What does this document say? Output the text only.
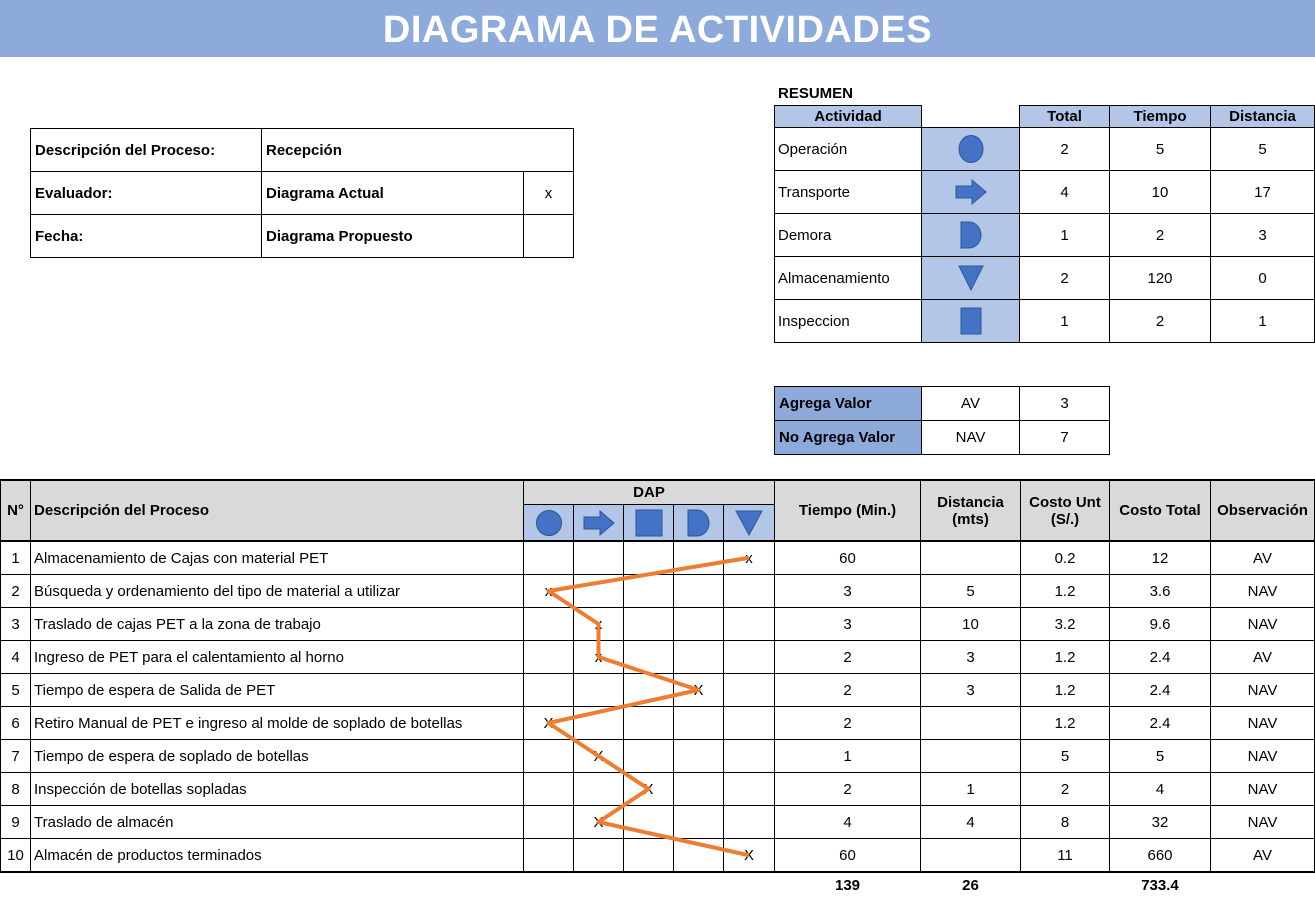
DIAGRAMA DE ACTIVIDADES
Descripción del Proceso:	Recepción	
Evaluador:	Diagrama Actual	x
Fecha:	Diagrama Propuesto	
RESUMEN
Actividad		Total	Tiempo	Distancia
Operación		2	5	5
Transporte		4	10	17
Demora		1	2	3
Almacenamiento		2	120	0
Inspeccion		1	2	1
Agrega Valor	AV	3
No Agrega Valor	NAV	7
N°	Descripción del Proceso	DAP					Tiempo (Min.)	Distancia (mts)	Costo Unt (S/.)	Costo Total	Observación

1	Almacenamiento de Cajas con material PET					x	60		0.2	12	AV
2	Búsqueda y ordenamiento del tipo de material a utilizar	x					3	5	1.2	3.6	NAV
3	Traslado de cajas PET a la zona de trabajo		x				3	10	3.2	9.6	NAV
4	Ingreso de PET para el calentamiento al horno		x				2	3	1.2	2.4	AV
5	Tiempo de espera de Salida de PET				X		2	3	1.2	2.4	NAV
6	Retiro Manual de PET e ingreso al molde de soplado de botellas	X					2		1.2	2.4	NAV
7	Tiempo de espera de soplado de botellas		X				1		5	5	NAV
8	Inspección de botellas sopladas			X			2	1	2	4	NAV
9	Traslado de almacén		X				4	4	8	32	NAV
10	Almacén de productos terminados					X	60		11	660	AV
							139	26		733.4	
